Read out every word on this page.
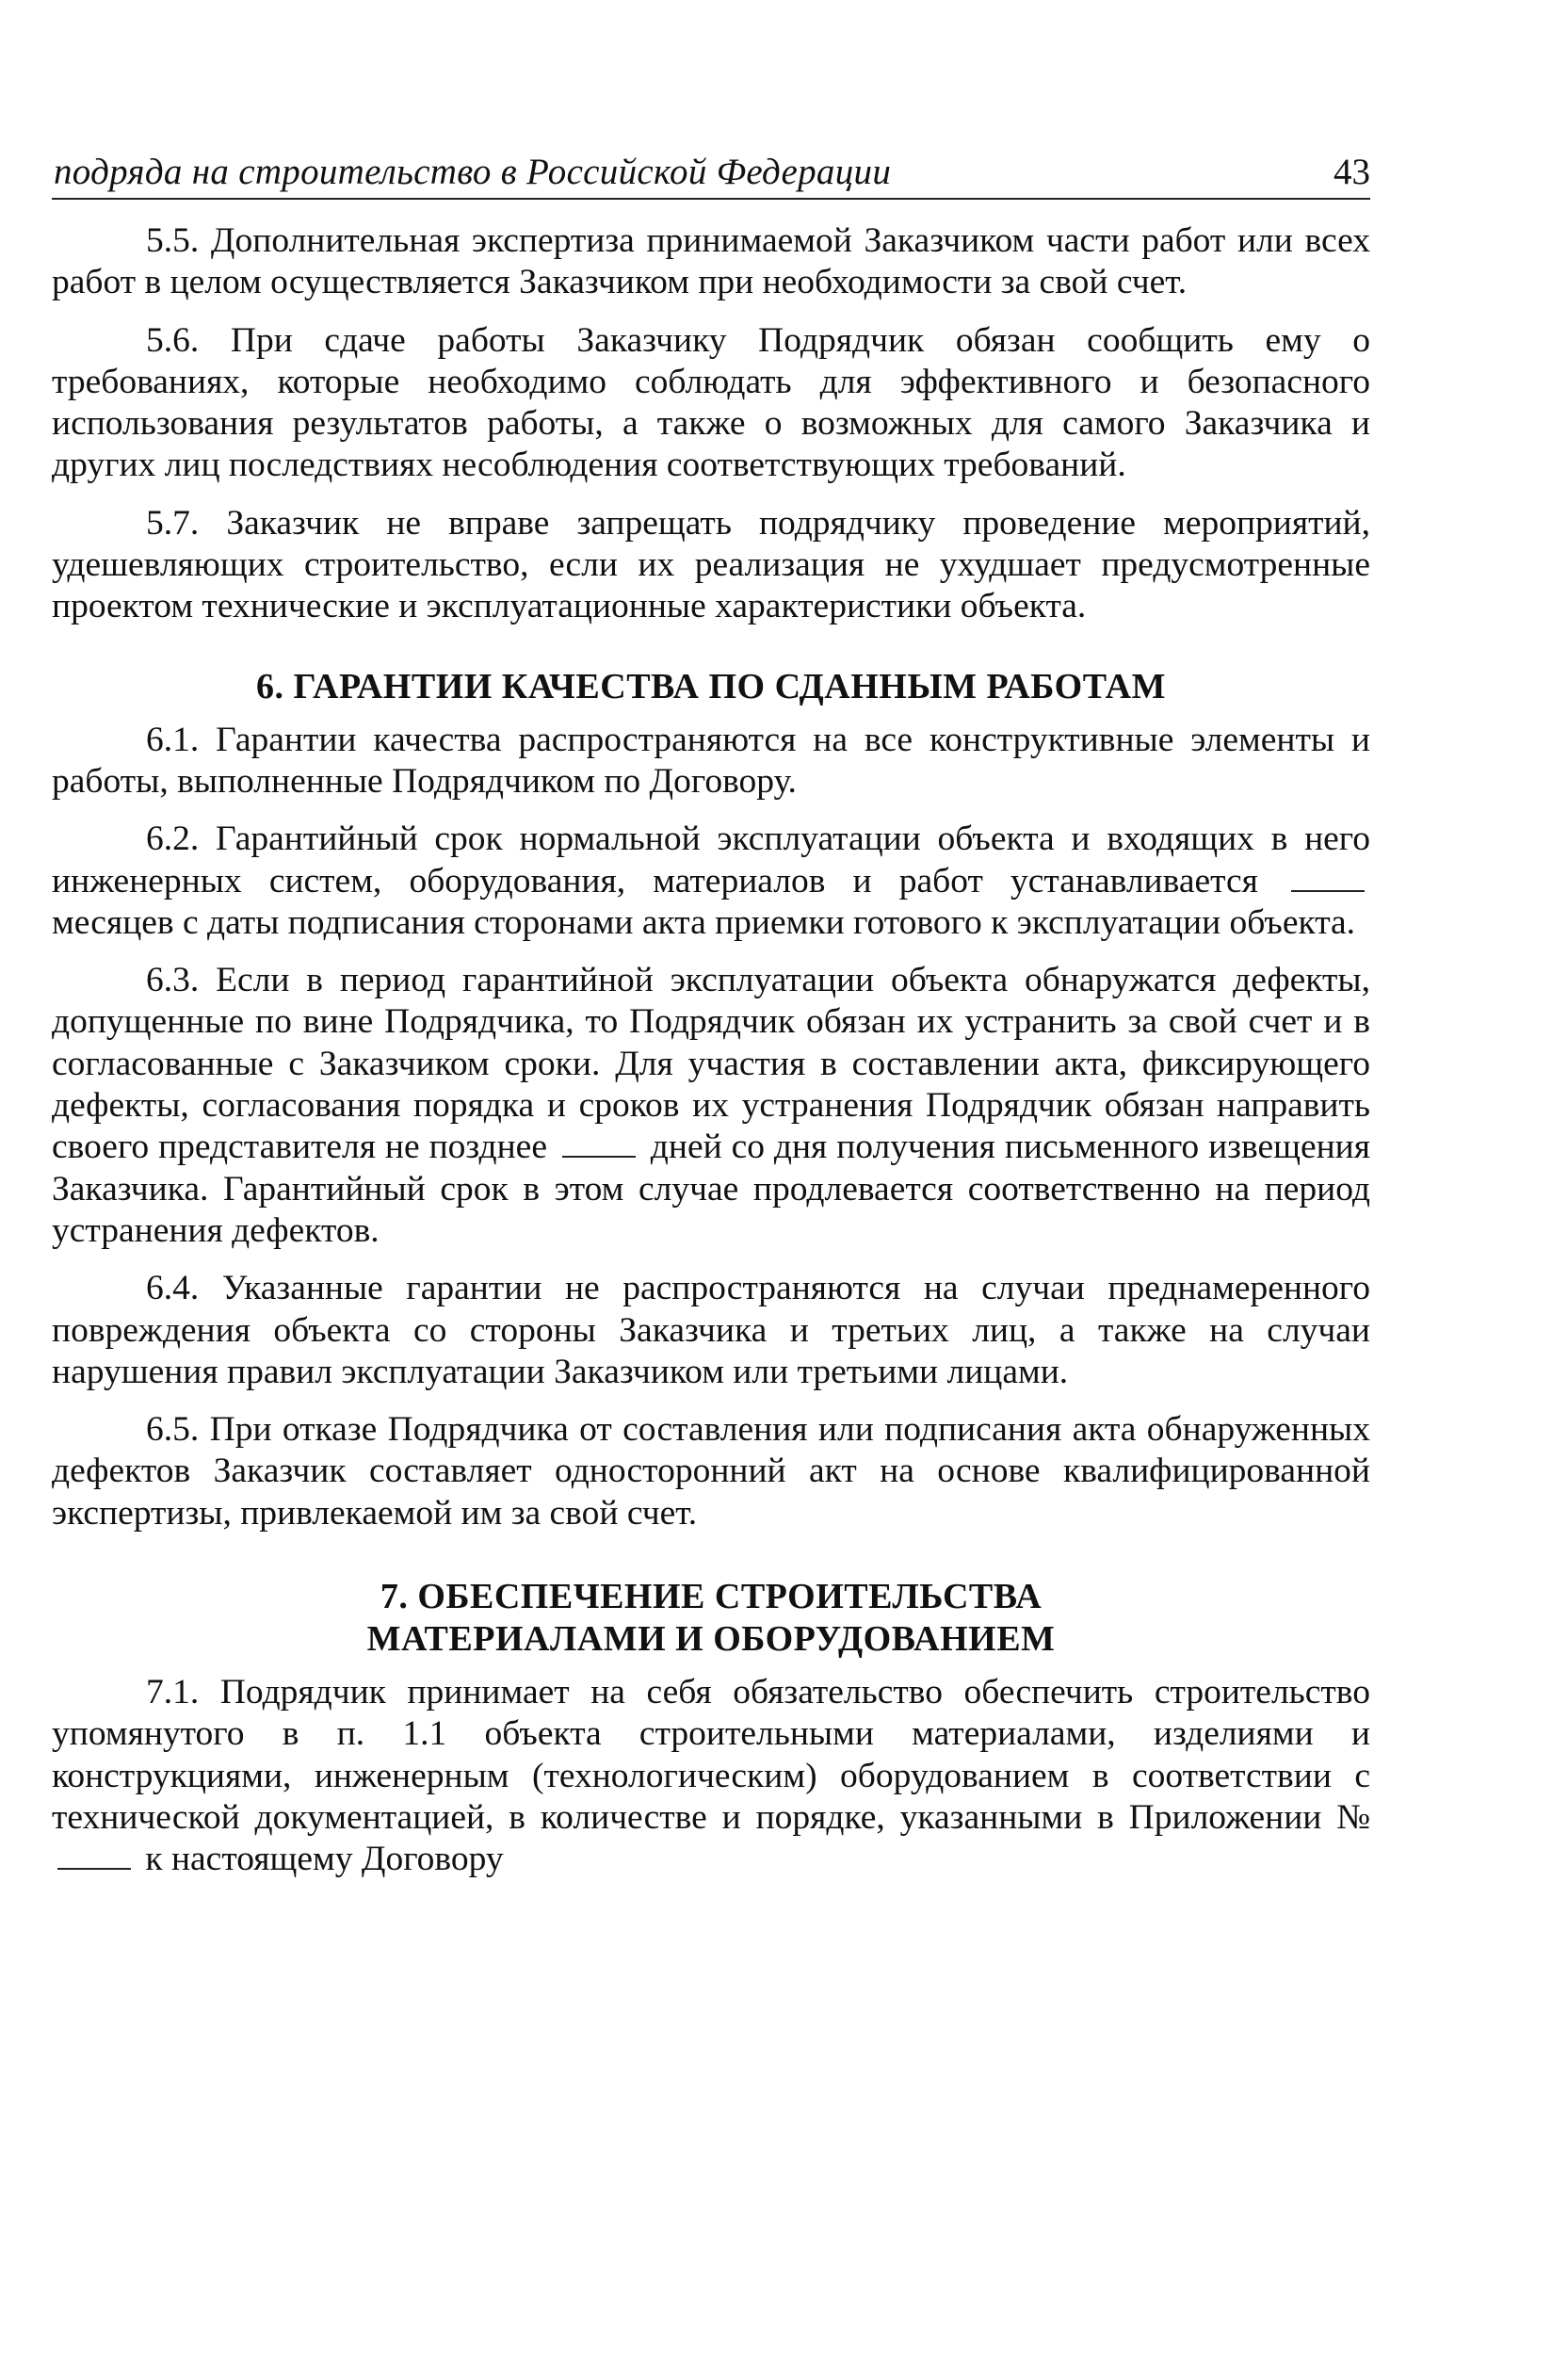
подряда на строительство в Российской Федерации	43

5.5. Дополнительная экспертиза принимаемой Заказчиком части работ или всех работ в целом осуществляется Заказчиком при необходимости за свой счет.

5.6. При сдаче работы Заказчику Подрядчик обязан сообщить ему о требованиях, которые необходимо соблюдать для эффективного и безопасного использования результатов работы, а также о возможных для самого Заказчика и других лиц последствиях несоблюдения соответствующих требований.

5.7. Заказчик не вправе запрещать подрядчику проведение мероприятий, удешевляющих строительство, если их реализация не ухудшает предусмотренные проектом технические и эксплуатационные характеристики объекта.

6. ГАРАНТИИ КАЧЕСТВА ПО СДАННЫМ РАБОТАМ

6.1. Гарантии качества распространяются на все конструктивные элементы и работы, выполненные Подрядчиком по Договору.

6.2. Гарантийный срок нормальной эксплуатации объекта и входящих в него инженерных систем, оборудования, материалов и работ устанавливается  месяцев с даты подписания сторонами акта приемки готового к эксплуатации объекта.

6.3. Если в период гарантийной эксплуатации объекта обнаружатся дефекты, допущенные по вине Подрядчика, то Подрядчик обязан их устранить за свой счет и в согласованные с Заказчиком сроки. Для участия в составлении акта, фиксирующего дефекты, согласования порядка и сроков их устранения Подрядчик обязан направить своего представителя не позднее  дней со дня получения письменного извещения Заказчика. Гарантийный срок в этом случае продлевается соответственно на период устранения дефектов.

6.4. Указанные гарантии не распространяются на случаи преднамеренного повреждения объекта со стороны Заказчика и третьих лиц, а также на случаи нарушения правил эксплуатации Заказчиком или третьими лицами.

6.5. При отказе Подрядчика от составления или подписания акта обнаруженных дефектов Заказчик составляет односторонний акт на основе квалифицированной экспертизы, привлекаемой им за свой счет.

7. ОБЕСПЕЧЕНИЕ СТРОИТЕЛЬСТВА
МАТЕРИАЛАМИ И ОБОРУДОВАНИЕМ

7.1. Подрядчик принимает на себя обязательство обеспечить строительство упомянутого в п. 1.1 объекта строительными материалами, изделиями и конструкциями, инженерным (технологическим) оборудованием в соответствии с технической документацией, в количестве и порядке, указанными в Приложении №  к настоящему Договору
